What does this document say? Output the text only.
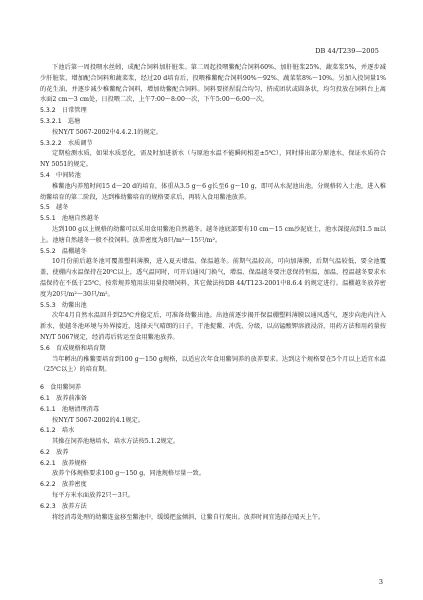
DB 44/T239—2005

下池后第一周投喂水丝蚓，成配合饲料加肝脏浆。第二周起投喂鳖配合饲料60%，加肝脏浆25%、蔬菜浆5%，并逐步减少肝脏浆，增加配合饲料和蔬菜浆，经过20 d培育后，投喂稚鳖配合饲料90%～92%、蔬菜浆8%～10%。另加入投饲量1%的花生油，并逐步减少稚鳖配合饲料，增加幼鳖配合饲料。饲料要搓捏混合均匀，挤成团状或圆条状，均匀投放在饲料台上离水面2 cm～3 cm处，日投喂二次，上午7:00～8:00一次，下午5:00～6:00一次。

5.3.2　日常管理

5.3.2.1　巡塘

按NY/T 5067-2002中4.4.2.1的规定。

5.3.2.2　水质调节

定期检测水质，如果水质恶化，需及时加进新水（与原池水温不能瞬间相差±5℃），同时排出部分原池水，保证水质符合NY 5051的规定。

5.4　中间转池

稚鳖池内养殖时间15 d～20 d的培育，体重从3.5 g～6 g长至6 g～10 g，即可从水泥池出池，分规格转入土池，进入稚幼鳖培育的第二阶段，达到稚幼鳖培育的规格要求后，再转入食用鳖池放养。

5.5　越冬

5.5.1　池塘自然越冬

达到100 g以上规格的幼鳖可以采用食用鳖池自然越冬。越冬池底部要有10 cm～15 cm沙泥底土，池水深提高到1.5 m以上。池塘自然越冬一般不投饲料。放养密度为8只/m²～15只/m²。

5.5.2　温棚越冬

10月份前后越冬池可覆盖塑料薄膜，进入夏天增温、保温越冬。前期气温较高，可向加薄膜，后期气温较低，要全池覆盖，使棚内水温保持在20℃以上，透气温同时，可开启通风门换气，增温、保温越冬要注意保持恒温，加温，控温越冬要求水温保持在不低于25℃，按常规养殖用法用量投喂饲料，其它做法按DB 44/T123-2001中8.6.4 的规定进行。温棚越冬放养密度为20只/m²～30只/m²。

5.5.3　幼鳖出池

次年4月自然水温回升到25℃并稳定后，可准备幼鳖出池。出池前逐步揭开保温棚塑料薄膜以通风透气，逐步向池内注入新水，使越冬池环境与外界接近，选择天气晴朗的日子，干池捉鳖、冲洗、分级，以高锰酸钾溶液浸浴，用药方法和用药量按NY/T 5067规定，经消毒后转运至食用鳖池放养。

5.6　育成规格和培育期

当年孵出的稚鳖要培育到100 g～150 g规格，以适应次年食用鳖饲养的放养要求。达到这个规格要在5个月以上适宜水温（25℃以上）的培育期。

6　食用鳖饲养

6.1　放养前准备

6.1.1　池塘清理消毒

按NY/T 5067-2002的4.1规定。

6.1.2　培水

其操在饲养池塘培水，培水方法按5.1.2规定。

6.2　放养

6.2.1　放养规格

放养个体规格要求100 g～150 g，同池规格尽量一致。

6.2.2　放养密度

每平方米水面放养2只～3只。

6.2.3　放养方法

将经消毒处理的幼鳖连盆移至鳖池中，缓缓把盆倾斜，让鳖自行爬出。放养时间宜选择在晴天上午。

3
